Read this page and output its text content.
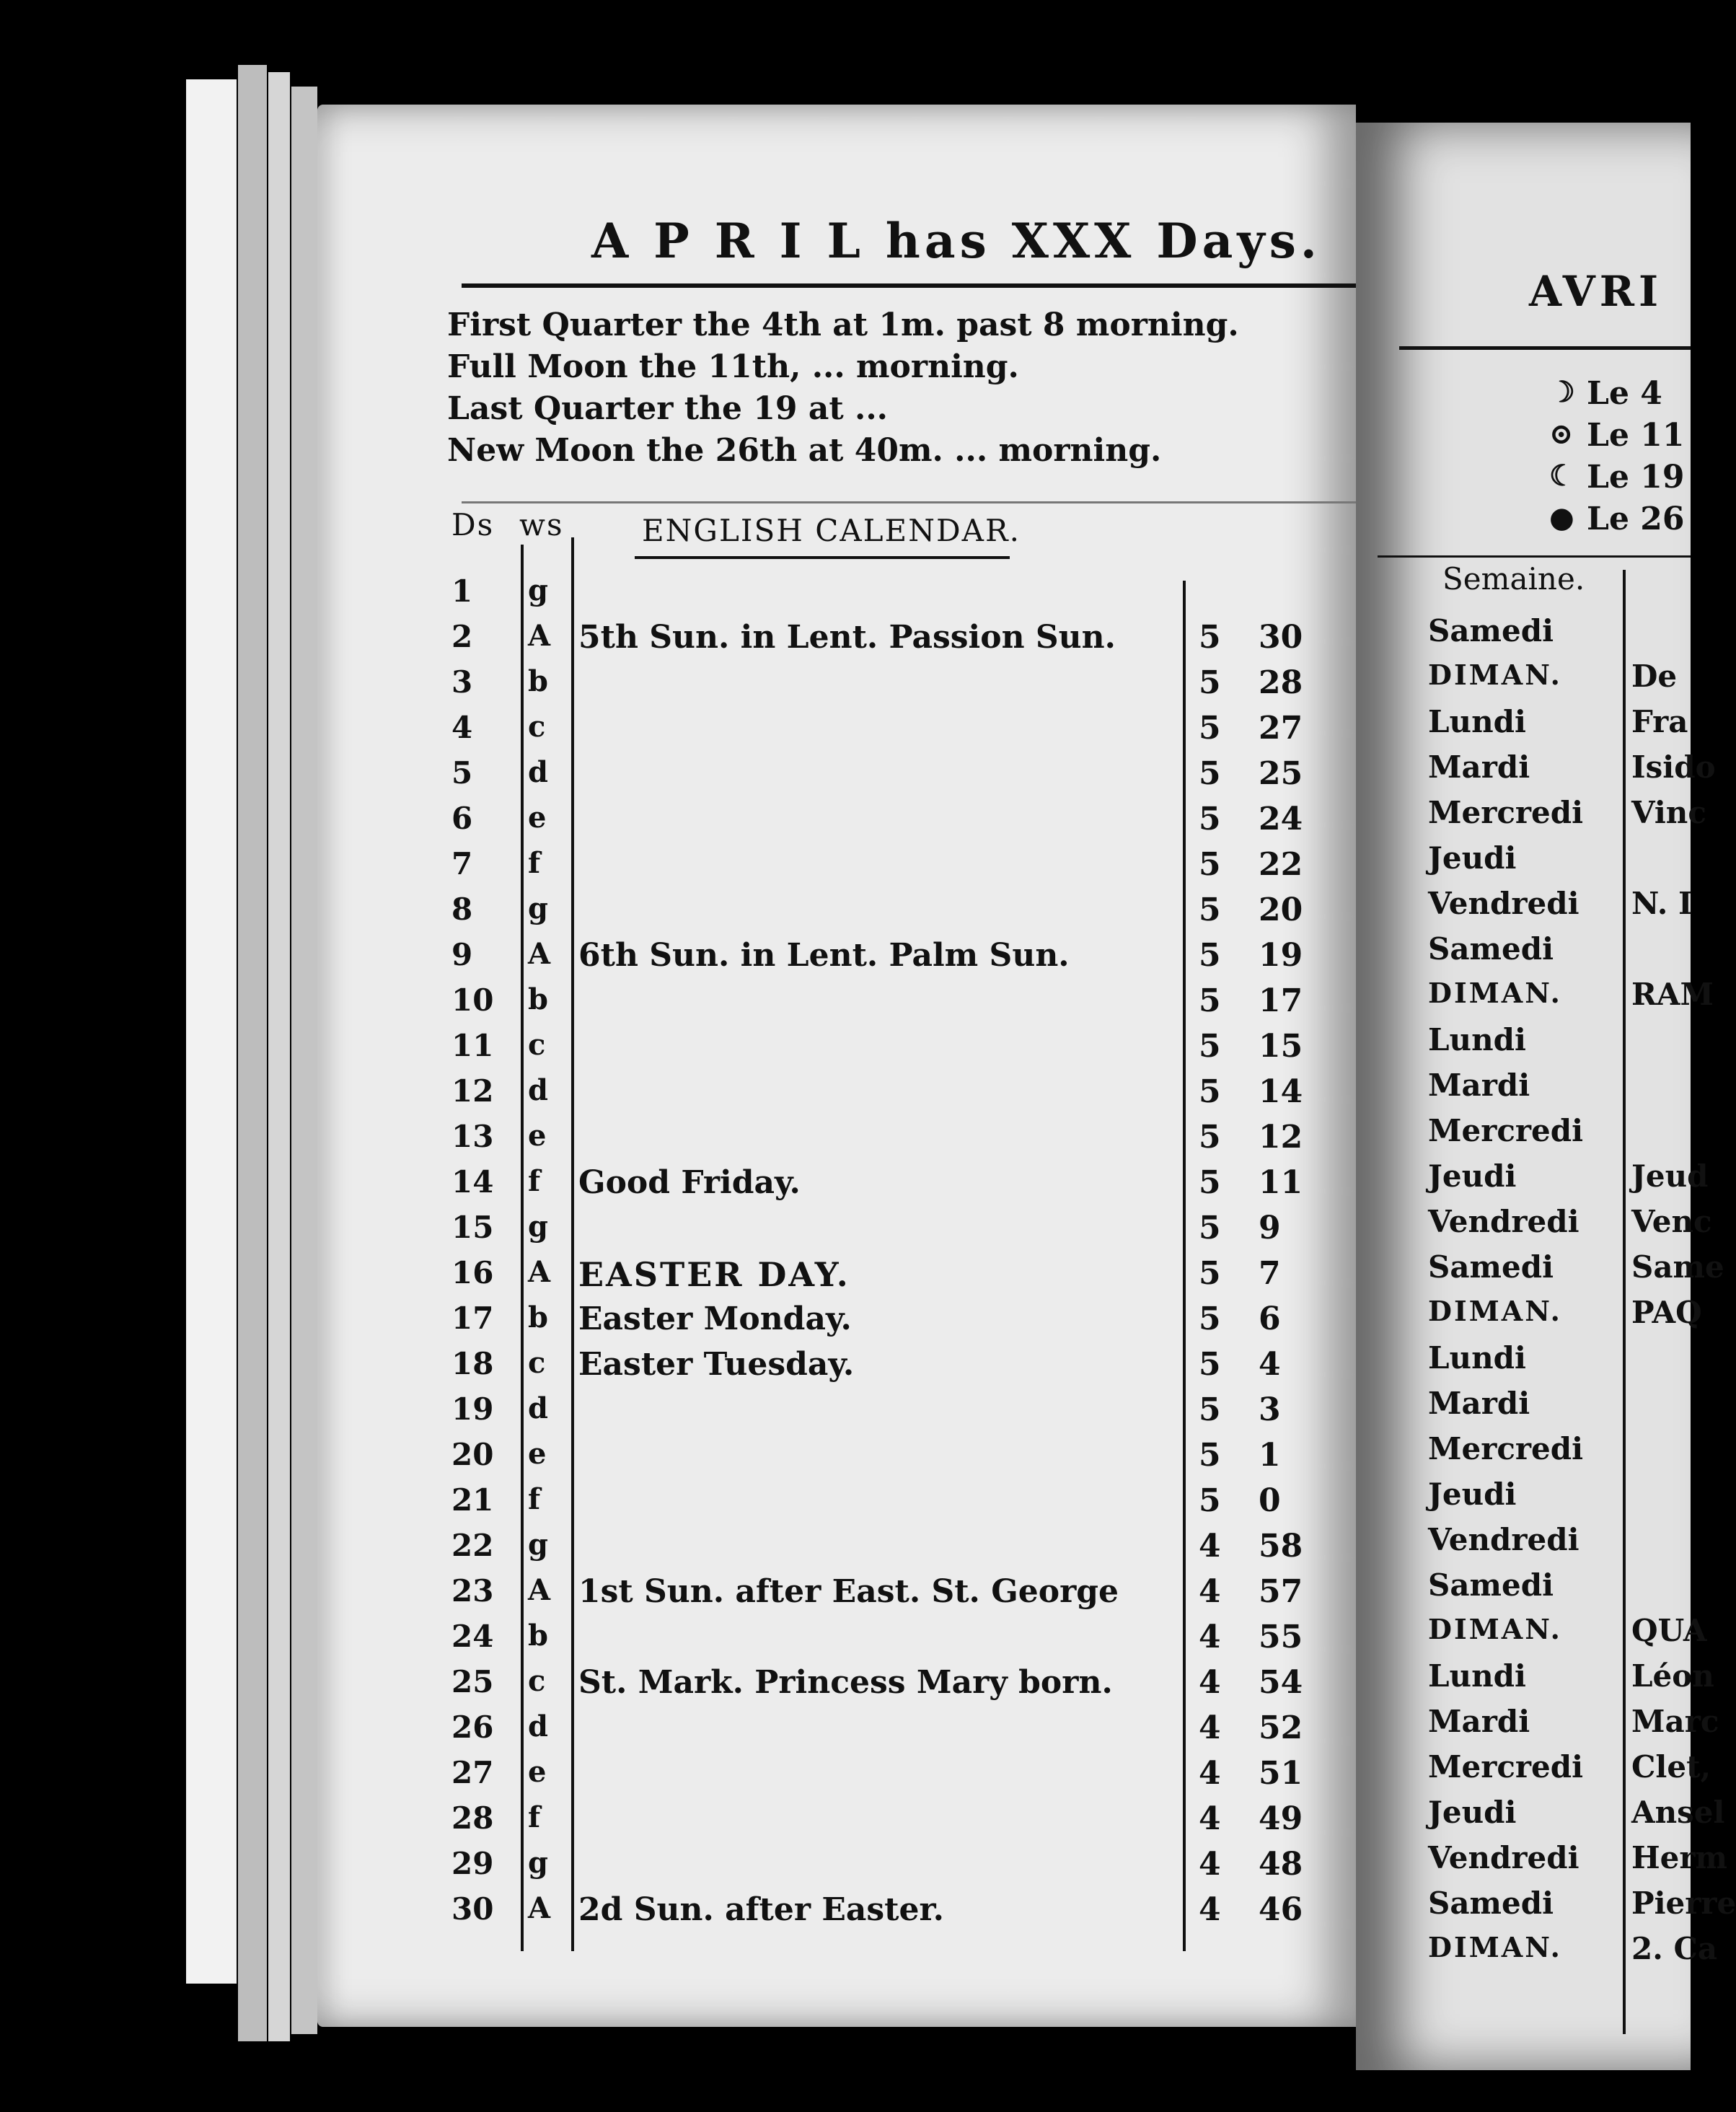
A P R I L has XXX Days.
First Quarter the 4th at 1m. past 8 morning.
Full Moon the 11th, ... morning.
Last Quarter the 19 at ...
New Moon the 26th at 40m. ... morning.
Ds ws	ENGLISH CALENDAR.
1 g
2 A 5th Sun. in Lent. Passion Sun.	5 30
3 b	5 28
4 c	5 27
5 d	5 25
6 e	5 24
7 f	5 22
8 g	5 20
9 A 6th Sun. in Lent. Palm Sun.	5 19
10 b	5 17
11 c	5 15
12 d	5 14
13 e	5 12
14 f Good Friday.	5 11
15 g	5 9
16 A EASTER DAY.	5 7
17 b Easter Monday.	5 6
18 c Easter Tuesday.	5 4
19 d	5 3
20 e	5 1
21 f	5 0
22 g	4 58
23 A 1st Sun. after East. St. George	4 57
24 b	4 55
25 c St. Mark. Princess Mary born.	4 54
26 d	4 52
27 e	4 51
28 f	4 49
29 g	4 48
30 A 2d Sun. after Easter.	4 46
AVRI
☽ Le 4
⊙ Le 11
☾ Le 19
● Le 26
Semaine.
Samedi
DIMAN. De
Lundi	Fra
Mardi	Isido
Mercredi Vinc
Jeudi
Vendredi N. I
Samedi
DIMAN. RAM
Lundi
Mardi
Mercredi
Jeudi	Jeud
Vendredi Venc
Samedi	Same
DIMAN. PAQ
Lundi
Mardi
Mercredi
Jeudi
Vendredi
Samedi
DIMAN. QUA
Lundi	Léon
Mardi	Marc
Mercredi Clet,
Jeudi	Ansel
Vendredi Herm
Samedi	Pierre
DIMAN. 2. Ca
